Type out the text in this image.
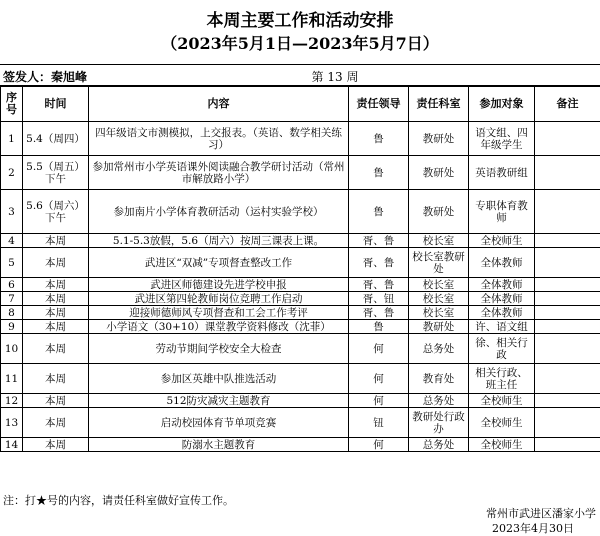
本周主要工作和活动安排
（2023年5月1日—2023年5月7日）
签发人：秦旭峰	第 13 周
序号	时间	内容	责任领导	责任科室	参加对象	备注
1	5.4（周四）	四年级语文市测模拟，上交报表。（英语、数学相关练习）	鲁	教研处	语文组、四年级学生	
2	5.5（周五）下午	参加常州市小学英语课外阅读融合教学研讨活动（常州市解放路小学）	鲁	教研处	英语教研组	
3	5.6（周六）下午	参加南片小学体育教研活动（运村实验学校）	鲁	教研处	专职体育教师	
4	本周	5.1-5.3放假，5.6（周六）按周三课表上课。	胥、鲁	校长室	全校师生	
5	本周	武进区“双减”专项督查整改工作	胥、鲁	校长室教研处	全体教师	
6	本周	武进区师德建设先进学校申报	胥、鲁	校长室	全体教师	
7	本周	武进区第四轮教师岗位竞聘工作启动	胥、钮	校长室	全体教师	
8	本周	迎接师德师风专项督查和工会工作考评	胥、鲁	校长室	全体教师	
9	本周	小学语文（30+10）课堂教学资料修改（沈菲）	鲁	教研处	许、语文组	
10	本周	劳动节期间学校安全大检查	何	总务处	徐、相关行政	
11	本周	参加区英雄中队推选活动	何	教育处	相关行政、班主任	
12	本周	512防灾减灾主题教育	何	总务处	全校师生	
13	本周	启动校园体育节单项竞赛	钮	教研处行政办	全校师生	
14	本周	防溺水主题教育	何	总务处	全校师生	
注：打★号的内容，请责任科室做好宣传工作。
常州市武进区潘家小学
2023年4月30日
